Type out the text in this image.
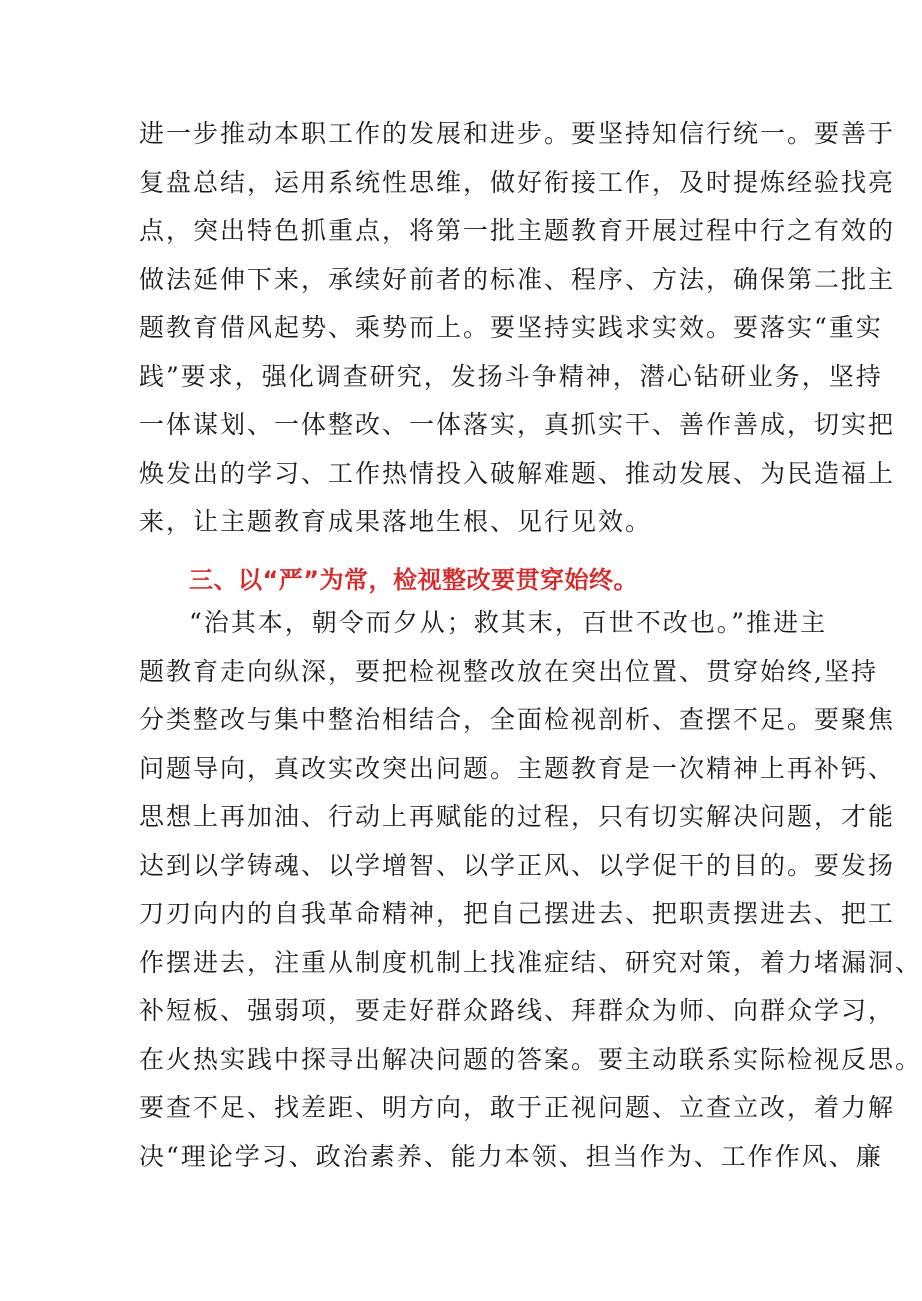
进一步推动本职工作的发展和进步。要坚持知信行统一。要善于
复盘总结，运用系统性思维，做好衔接工作，及时提炼经验找亮
点，突出特色抓重点，将第一批主题教育开展过程中行之有效的
做法延伸下来，承续好前者的标准、程序、方法，确保第二批主
题教育借风起势、乘势而上。要坚持实践求实效。要落实“重实
践”要求，强化调查研究，发扬斗争精神，潜心钻研业务，坚持
一体谋划、一体整改、一体落实，真抓实干、善作善成，切实把
焕发出的学习、工作热情投入破解难题、推动发展、为民造福上
来，让主题教育成果落地生根、见行见效。
三、以“严”为常，检视整改要贯穿始终。
“治其本，朝令而夕从；救其末，百世不改也。”推进主
题教育走向纵深，要把检视整改放在突出位置、贯穿始终,坚持
分类整改与集中整治相结合，全面检视剖析、查摆不足。要聚焦
问题导向，真改实改突出问题。主题教育是一次精神上再补钙、
思想上再加油、行动上再赋能的过程，只有切实解决问题，才能
达到以学铸魂、以学增智、以学正风、以学促干的目的。要发扬
刀刃向内的自我革命精神，把自己摆进去、把职责摆进去、把工
作摆进去，注重从制度机制上找准症结、研究对策，着力堵漏洞、
补短板、强弱项，要走好群众路线、拜群众为师、向群众学习，
在火热实践中探寻出解决问题的答案。要主动联系实际检视反思。
要查不足、找差距、明方向，敢于正视问题、立查立改，着力解
决“理论学习、政治素养、能力本领、担当作为、工作作风、廉
